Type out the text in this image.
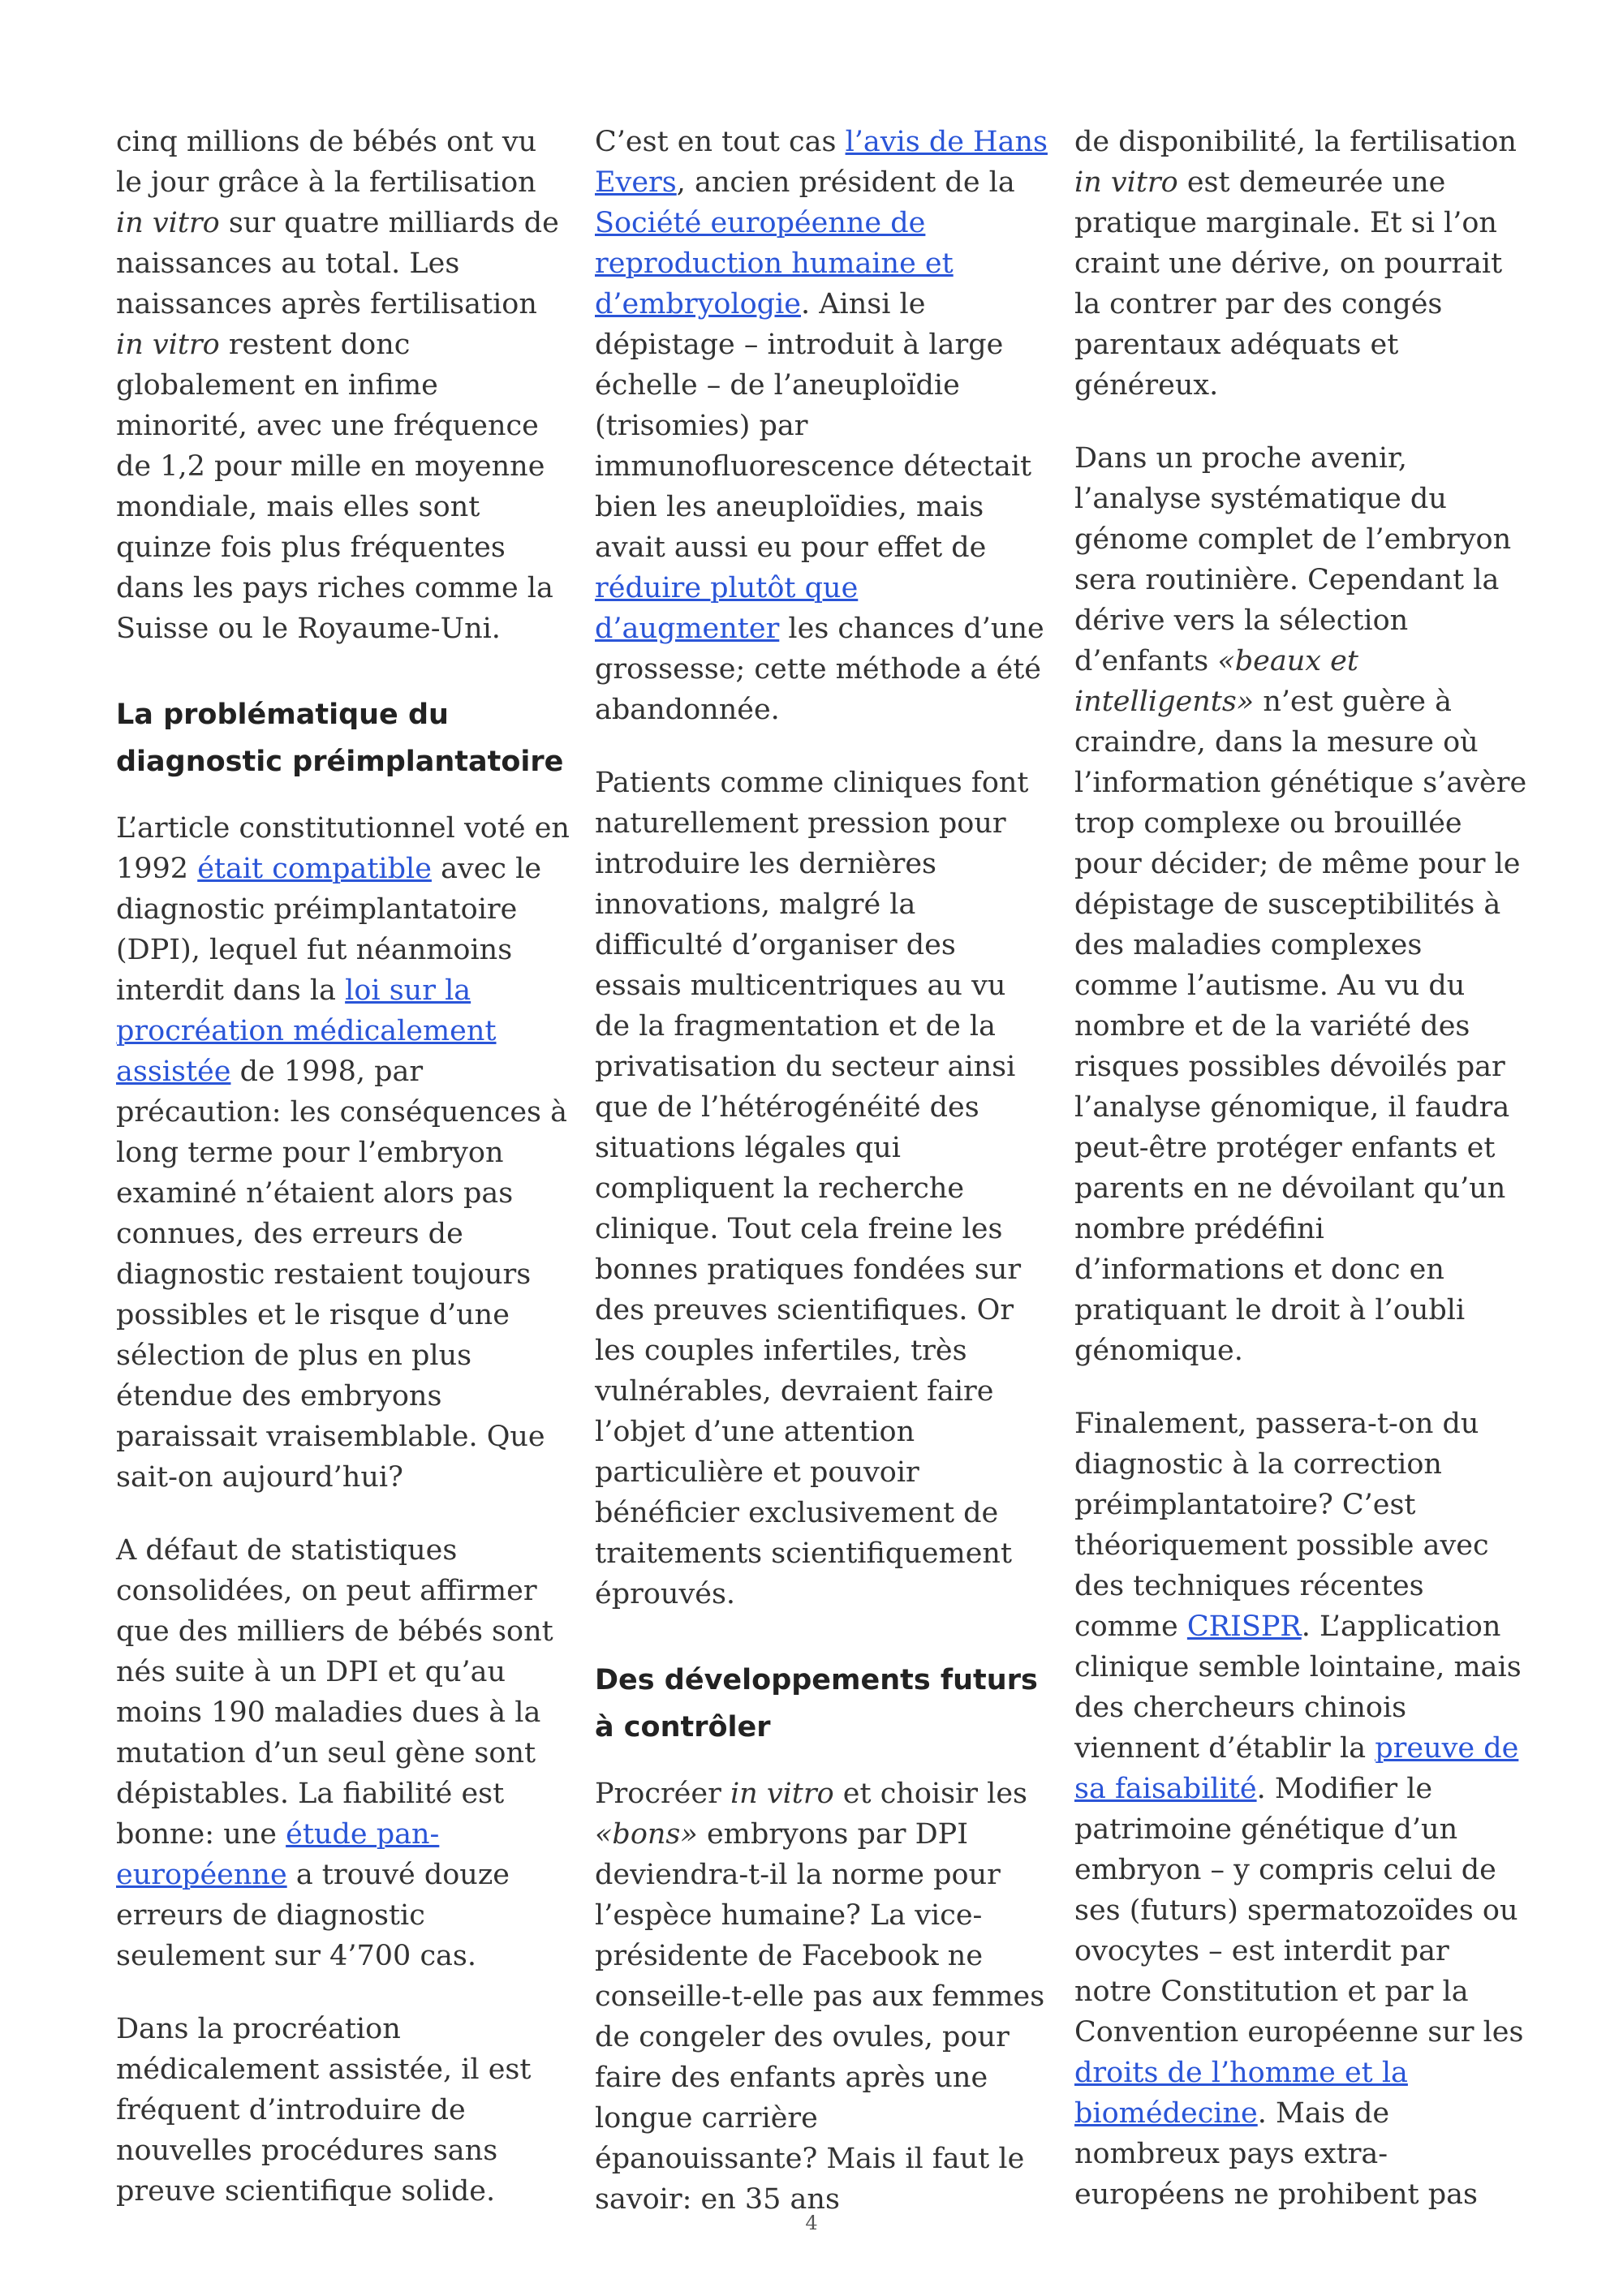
cinq millions de bébés ont vu le jour grâce à la fertilisation in vitro sur quatre milliards de naissances au total. Les naissances après fertilisation in vitro restent donc globalement en infime minorité, avec une fréquence de 1,2 pour mille en moyenne mondiale, mais elles sont quinze fois plus fréquentes dans les pays riches comme la Suisse ou le Royaume-Uni.

La problématique du diagnostic préimplantatoire

L’article constitutionnel voté en 1992 était compatible avec le diagnostic préimplantatoire (DPI), lequel fut néanmoins interdit dans la loi sur la procréation médicalement assistée de 1998, par précaution: les conséquences à long terme pour l’embryon examiné n’étaient alors pas connues, des erreurs de diagnostic restaient toujours possibles et le risque d’une sélection de plus en plus étendue des embryons paraissait vraisemblable. Que sait-on aujourd’hui?

A défaut de statistiques consolidées, on peut affirmer que des milliers de bébés sont nés suite à un DPI et qu’au moins 190 maladies dues à la mutation d’un seul gène sont dépistables. La fiabilité est bonne: une étude pan-européenne a trouvé douze erreurs de diagnostic seulement sur 4’700 cas.

Dans la procréation médicalement assistée, il est fréquent d’introduire de nouvelles procédures sans preuve scientifique solide.

C’est en tout cas l’avis de Hans Evers, ancien président de la Société européenne de reproduction humaine et d’embryologie. Ainsi le dépistage – introduit à large échelle – de l’aneuploïdie (trisomies) par immunofluorescence détectait bien les aneuploïdies, mais avait aussi eu pour effet de réduire plutôt que d’augmenter les chances d’une grossesse; cette méthode a été abandonnée.

Patients comme cliniques font naturellement pression pour introduire les dernières innovations, malgré la difficulté d’organiser des essais multicentriques au vu de la fragmentation et de la privatisation du secteur ainsi que de l’hétérogénéité des situations légales qui compliquent la recherche clinique. Tout cela freine les bonnes pratiques fondées sur des preuves scientifiques. Or les couples infertiles, très vulnérables, devraient faire l’objet d’une attention particulière et pouvoir bénéficier exclusivement de traitements scientifiquement éprouvés.

Des développements futurs à contrôler

Procréer in vitro et choisir les «bons» embryons par DPI deviendra-t-il la norme pour l’espèce humaine? La vice-présidente de Facebook ne conseille-t-elle pas aux femmes de congeler des ovules, pour faire des enfants après une longue carrière épanouissante? Mais il faut le savoir: en 35 ans

de disponibilité, la fertilisation in vitro est demeurée une pratique marginale. Et si l’on craint une dérive, on pourrait la contrer par des congés parentaux adéquats et généreux.

Dans un proche avenir, l’analyse systématique du génome complet de l’embryon sera routinière. Cependant la dérive vers la sélection d’enfants «beaux et intelligents» n’est guère à craindre, dans la mesure où l’information génétique s’avère trop complexe ou brouillée pour décider; de même pour le dépistage de susceptibilités à des maladies complexes comme l’autisme. Au vu du nombre et de la variété des risques possibles dévoilés par l’analyse génomique, il faudra peut-être protéger enfants et parents en ne dévoilant qu’un nombre prédéfini d’informations et donc en pratiquant le droit à l’oubli génomique.

Finalement, passera-t-on du diagnostic à la correction préimplantatoire? C’est théoriquement possible avec des techniques récentes comme CRISPR. L’application clinique semble lointaine, mais des chercheurs chinois viennent d’établir la preuve de sa faisabilité. Modifier le patrimoine génétique d’un embryon – y compris celui de ses (futurs) spermatozoïdes ou ovocytes – est interdit par notre Constitution et par la Convention européenne sur les droits de l’homme et la biomédecine. Mais de nombreux pays extra-européens ne prohibent pas

4
